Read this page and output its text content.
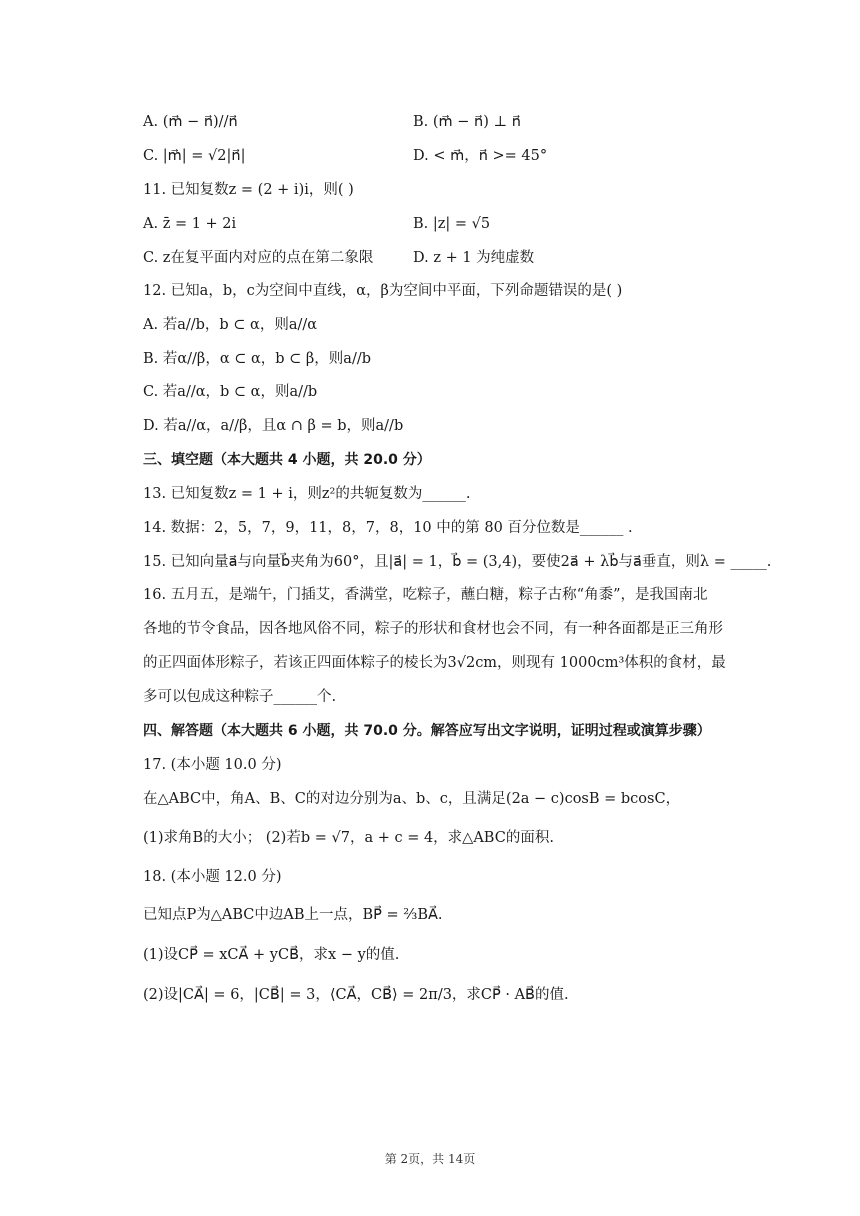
A. (m⃗ − n⃗)//n⃗	B. (m⃗ − n⃗) ⊥ n⃗
C. |m⃗| = √2|n⃗|	D. < m⃗，n⃗ >= 45°
11. 已知复数z = (2 + i)i，则( )
A. z̄ = 1 + 2i	B. |z| = √5
C. z在复平面内对应的点在第二象限	D. z + 1 为纯虚数
12. 已知a，b，c为空间中直线，α，β为空间中平面，下列命题错误的是( )
A. 若a//b，b ⊂ α，则a//α
B. 若α//β，α ⊂ α，b ⊂ β，则a//b
C. 若a//α，b ⊂ α，则a//b
D. 若a//α，a//β，且α ∩ β = b，则a//b
三、填空题（本大题共 4 小题，共 20.0 分）
13. 已知复数z = 1 + i，则z²的共轭复数为______.
14. 数据：2，5，7，9，11，8，7，8，10 中的第 80 百分位数是______ .
15. 已知向量a⃗与向量b⃗夹角为60°，且|a⃗| = 1，b⃗ = (3,4)，要使2a⃗ + λb⃗与a⃗垂直，则λ = _____.
16. 五月五，是端午，门插艾，香满堂，吃粽子，蘸白糖，粽子古称“角黍”，是我国南北
各地的节令食品，因各地风俗不同，粽子的形状和食材也会不同，有一种各面都是正三角形
的正四面体形粽子，若该正四面体粽子的棱长为3√2cm，则现有 1000cm³体积的食材，最
多可以包成这种粽子______个.
四、解答题（本大题共 6 小题，共 70.0 分。解答应写出文字说明，证明过程或演算步骤）
17. (本小题 10.0 分)
在△ABC中，角A、B、C的对边分别为a、b、c，且满足(2a − c)cosB = bcosC，
(1)求角B的大小； (2)若b = √7，a + c = 4，求△ABC的面积.
18. (本小题 12.0 分)
已知点P为△ABC中边AB上一点，BP⃗ = ⅔BA⃗.
(1)设CP⃗ = xCA⃗ + yCB⃗，求x − y的值.
(2)设|CA⃗| = 6，|CB⃗| = 3，⟨CA⃗，CB⃗⟩ = 2π/3，求CP⃗ · AB⃗的值.
第 2页，共 14页
